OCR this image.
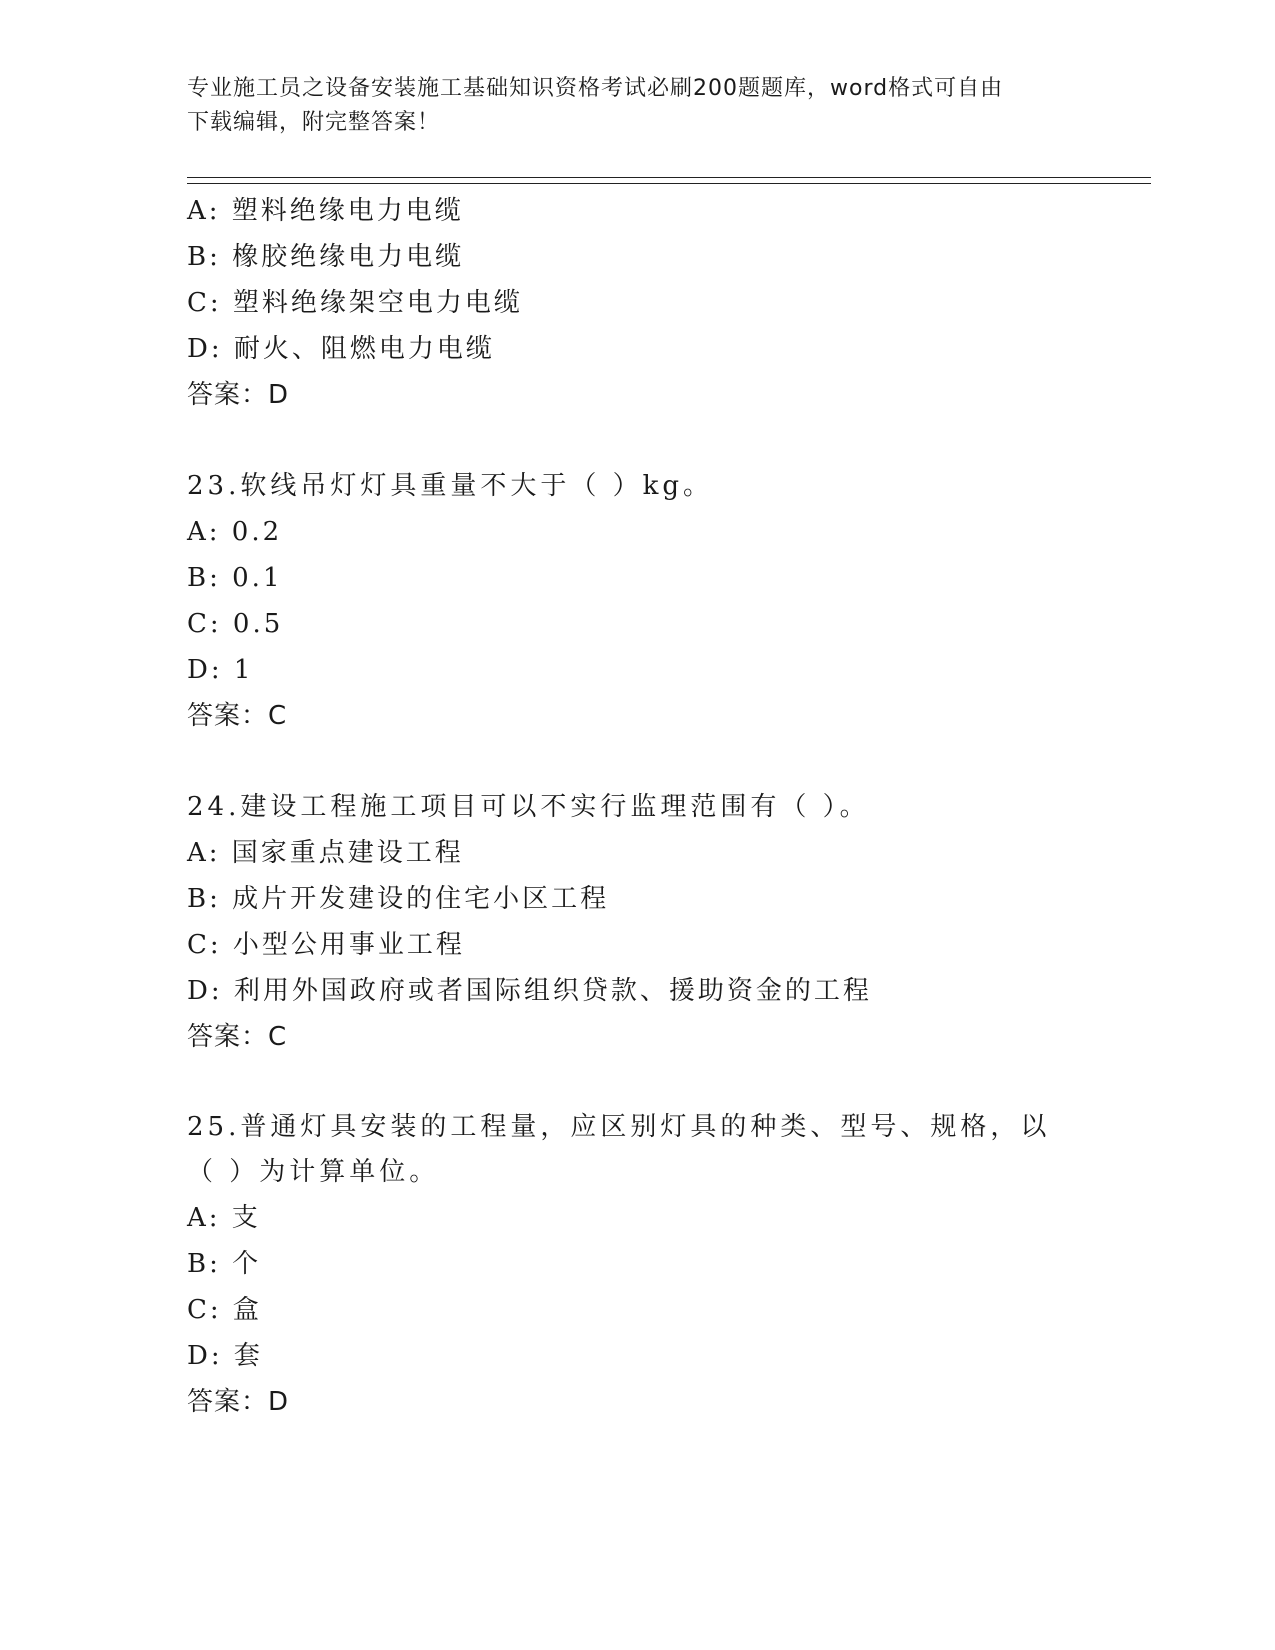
专业施工员之设备安装施工基础知识资格考试必刷200题题库，word格式可自由
下载编辑，附完整答案！
A: 塑料绝缘电力电缆
B: 橡胶绝缘电力电缆
C: 塑料绝缘架空电力电缆
D: 耐火、阻燃电力电缆
答案：D
23.软线吊灯灯具重量不大于（ ）kg。
A: 0.2
B: 0.1
C: 0.5
D: 1
答案：C
24.建设工程施工项目可以不实行监理范围有（ ）。
A: 国家重点建设工程
B: 成片开发建设的住宅小区工程
C: 小型公用事业工程
D: 利用外国政府或者国际组织贷款、援助资金的工程
答案：C
25.普通灯具安装的工程量，应区别灯具的种类、型号、规格，以（ ）为计算单位。
A: 支
B: 个
C: 盒
D: 套
答案：D
